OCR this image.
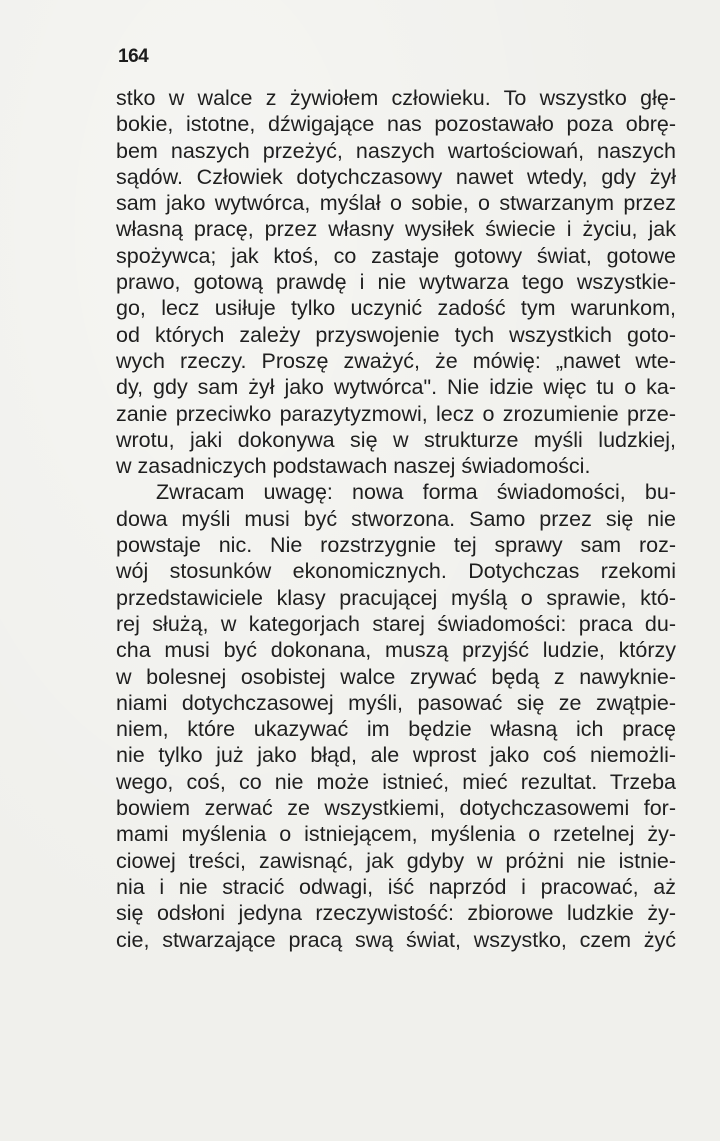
164
stko w walce z żywiołem człowieku. To wszystko głę-
bokie, istotne, dźwigające nas pozostawało poza obrę-
bem naszych przeżyć, naszych wartościowań, naszych
sądów. Człowiek dotychczasowy nawet wtedy, gdy żył
sam jako wytwórca, myślał o sobie, o stwarzanym przez
własną pracę, przez własny wysiłek świecie i życiu, jak
spożywca; jak ktoś, co zastaje gotowy świat, gotowe
prawo, gotową prawdę i nie wytwarza tego wszystkie-
go, lecz usiłuje tylko uczynić zadość tym warunkom,
od których zależy przyswojenie tych wszystkich goto-
wych rzeczy. Proszę zważyć, że mówię: „nawet wte-
dy, gdy sam żył jako wytwórca". Nie idzie więc tu o ka-
zanie przeciwko parazytyzmowi, lecz o zrozumienie prze-
wrotu, jaki dokonywa się w strukturze myśli ludzkiej,
w zasadniczych podstawach naszej świadomości.
Zwracam uwagę: nowa forma świadomości, bu-
dowa myśli musi być stworzona. Samo przez się nie
powstaje nic. Nie rozstrzygnie tej sprawy sam roz-
wój stosunków ekonomicznych. Dotychczas rzekomi
przedstawiciele klasy pracującej myślą o sprawie, któ-
rej służą, w kategorjach starej świadomości: praca du-
cha musi być dokonana, muszą przyjść ludzie, którzy
w bolesnej osobistej walce zrywać będą z nawyknie-
niami dotychczasowej myśli, pasować się ze zwątpie-
niem, które ukazywać im będzie własną ich pracę
nie tylko już jako błąd, ale wprost jako coś niemożli-
wego, coś, co nie może istnieć, mieć rezultat. Trzeba
bowiem zerwać ze wszystkiemi, dotychczasowemi for-
mami myślenia o istniejącem, myślenia o rzetelnej ży-
ciowej treści, zawisnąć, jak gdyby w próżni nie istnie-
nia i nie stracić odwagi, iść naprzód i pracować, aż
się odsłoni jedyna rzeczywistość: zbiorowe ludzkie ży-
cie, stwarzające pracą swą świat, wszystko, czem żyć
